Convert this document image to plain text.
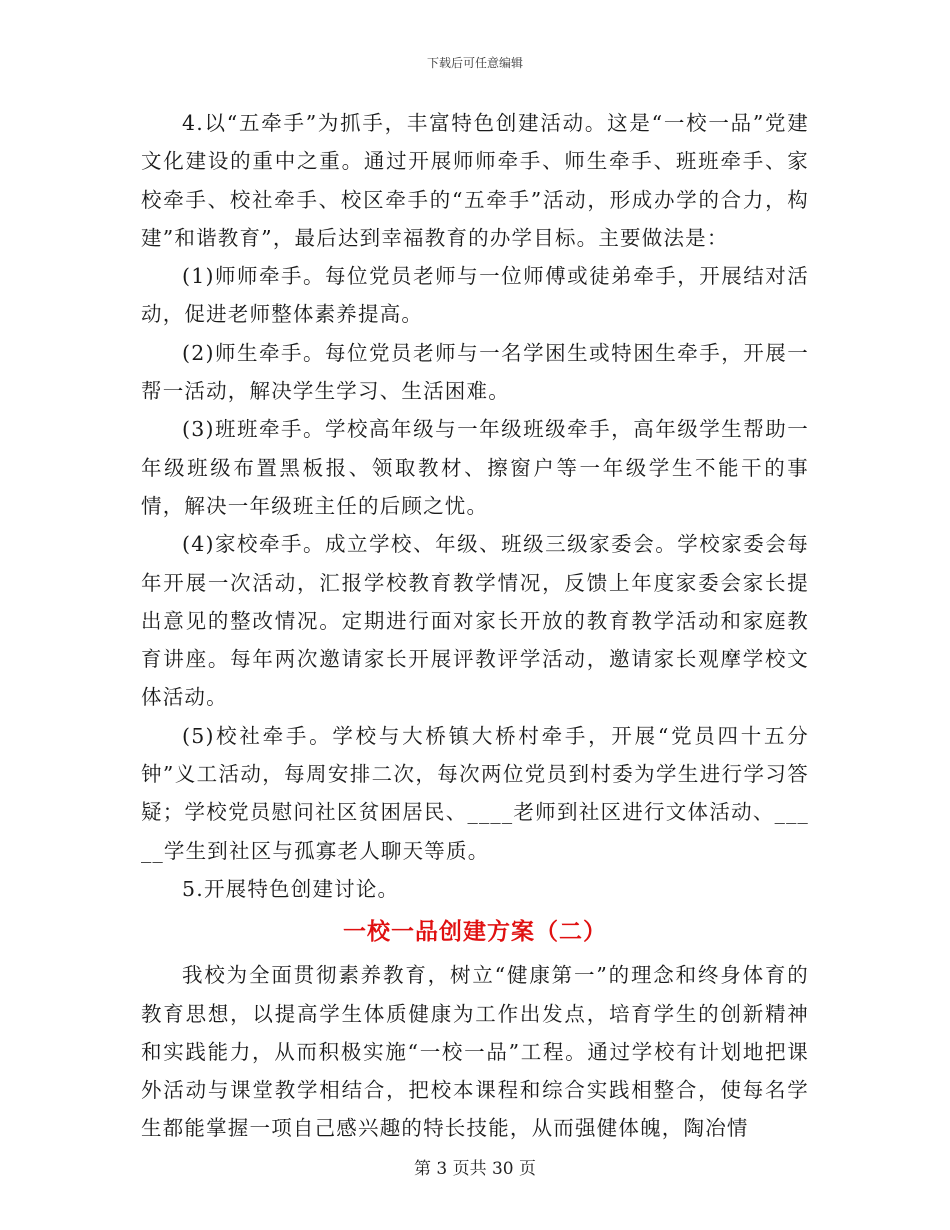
下载后可任意编辑

4.以“五牵手”为抓手，丰富特色创建活动。这是“一校一品”党建文化建设的重中之重。通过开展师师牵手、师生牵手、班班牵手、家校牵手、校社牵手、校区牵手的“五牵手”活动，形成办学的合力，构建”和谐教育”，最后达到幸福教育的办学目标。主要做法是：

(1)师师牵手。每位党员老师与一位师傅或徒弟牵手，开展结对活动，促进老师整体素养提高。

(2)师生牵手。每位党员老师与一名学困生或特困生牵手，开展一帮一活动，解决学生学习、生活困难。

(3)班班牵手。学校高年级与一年级班级牵手，高年级学生帮助一年级班级布置黑板报、领取教材、擦窗户等一年级学生不能干的事情，解决一年级班主任的后顾之忧。

(4)家校牵手。成立学校、年级、班级三级家委会。学校家委会每年开展一次活动，汇报学校教育教学情况，反馈上年度家委会家长提出意见的整改情况。定期进行面对家长开放的教育教学活动和家庭教育讲座。每年两次邀请家长开展评教评学活动，邀请家长观摩学校文体活动。

(5)校社牵手。学校与大桥镇大桥村牵手，开展“党员四十五分钟”义工活动，每周安排二次，每次两位党员到村委为学生进行学习答疑；学校党员慰问社区贫困居民、____老师到社区进行文体活动、_____学生到社区与孤寡老人聊天等质。

5.开展特色创建讨论。

一校一品创建方案（二）

我校为全面贯彻素养教育，树立“健康第一”的理念和终身体育的教育思想，以提高学生体质健康为工作出发点，培育学生的创新精神和实践能力，从而积极实施“一校一品”工程。通过学校有计划地把课外活动与课堂教学相结合，把校本课程和综合实践相整合，使每名学生都能掌握一项自己感兴趣的特长技能，从而强健体魄，陶冶情

第 3 页共 30 页
